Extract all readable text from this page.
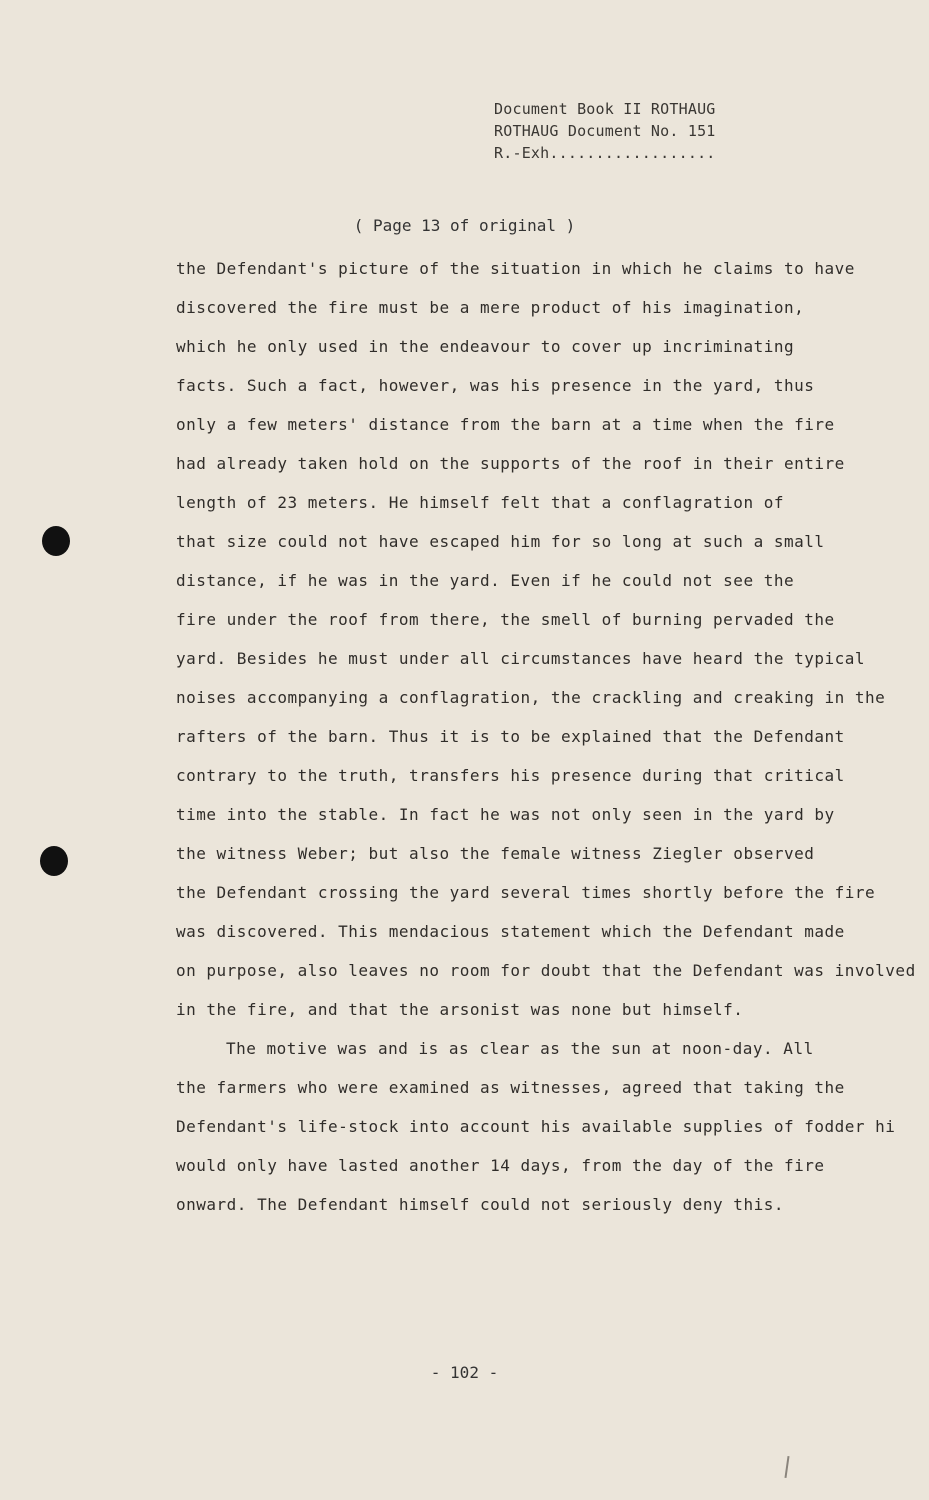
Document Book II ROTHAUG
ROTHAUG Document No. 151
R.-Exh..................
( Page 13 of original )
the Defendant's picture of the situation in which he claims to have
discovered the fire must be a mere product of his imagination,
which he only used in the endeavour to cover up incriminating
facts. Such a fact, however, was his presence in the yard, thus
only a few meters' distance from the barn at a time when the fire
had already taken hold on the supports of the roof in their entire
length of 23 meters. He himself felt that a conflagration of
that size could not have escaped him for so long at such a small
distance, if he was in the yard. Even if he could not see the
fire under the roof from there, the smell of burning pervaded the
yard. Besides he must under all circumstances have heard the typical
noises accompanying a conflagration, the crackling and creaking in the
rafters of the barn. Thus it is to be explained that the Defendant
contrary to the truth, transfers his presence during that critical
time into the stable. In fact he was not only seen in the yard by
the witness Weber; but also the female witness Ziegler observed
the Defendant crossing the yard several times shortly before the fire
was discovered. This mendacious statement which the Defendant made
on purpose, also leaves no room for doubt that the Defendant was involved
in the fire, and that the arsonist was none but himself.
The motive was and is as clear as the sun at noon-day. All
the farmers who were examined as witnesses, agreed that taking the
Defendant's life-stock into account his available supplies of fodder hi
would only have lasted another 14 days, from the day of the fire
onward. The Defendant himself could not seriously deny this.
- 102 -
